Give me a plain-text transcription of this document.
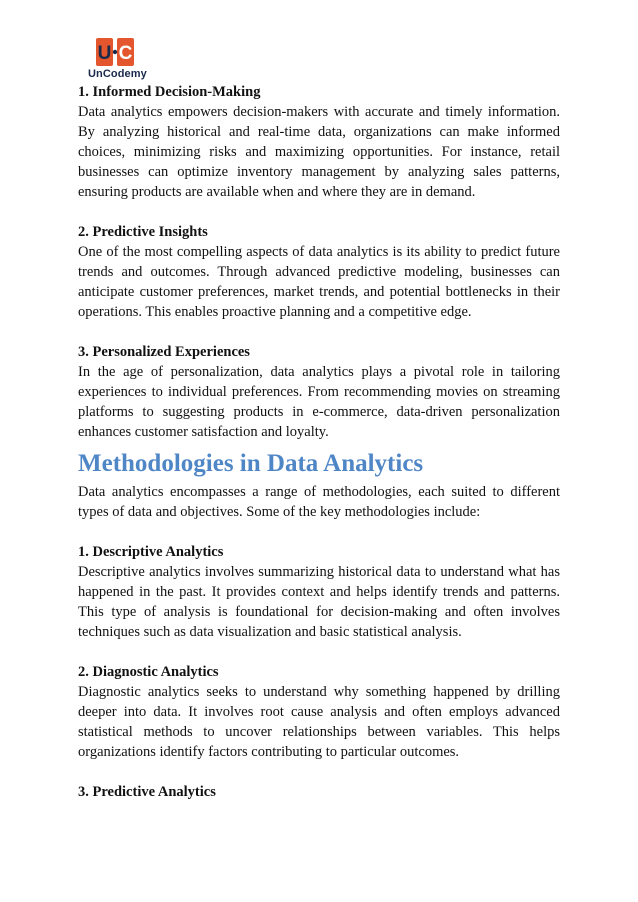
U C
UnCodemy

1. Informed Decision-Making

Data analytics empowers decision-makers with accurate and timely information. By analyzing historical and real-time data, organizations can make informed choices, minimizing risks and maximizing opportunities. For instance, retail businesses can optimize inventory management by analyzing sales patterns, ensuring products are available when and where they are in demand.

2. Predictive Insights

One of the most compelling aspects of data analytics is its ability to predict future trends and outcomes. Through advanced predictive modeling, businesses can anticipate customer preferences, market trends, and potential bottlenecks in their operations. This enables proactive planning and a competitive edge.

3. Personalized Experiences

In the age of personalization, data analytics plays a pivotal role in tailoring experiences to individual preferences. From recommending movies on streaming platforms to suggesting products in e-commerce, data-driven personalization enhances customer satisfaction and loyalty.

Methodologies in Data Analytics

Data analytics encompasses a range of methodologies, each suited to different types of data and objectives. Some of the key methodologies include:

1. Descriptive Analytics

Descriptive analytics involves summarizing historical data to understand what has happened in the past. It provides context and helps identify trends and patterns. This type of analysis is foundational for decision-making and often involves techniques such as data visualization and basic statistical analysis.

2. Diagnostic Analytics

Diagnostic analytics seeks to understand why something happened by drilling deeper into data. It involves root cause analysis and often employs advanced statistical methods to uncover relationships between variables. This helps organizations identify factors contributing to particular outcomes.

3. Predictive Analytics
